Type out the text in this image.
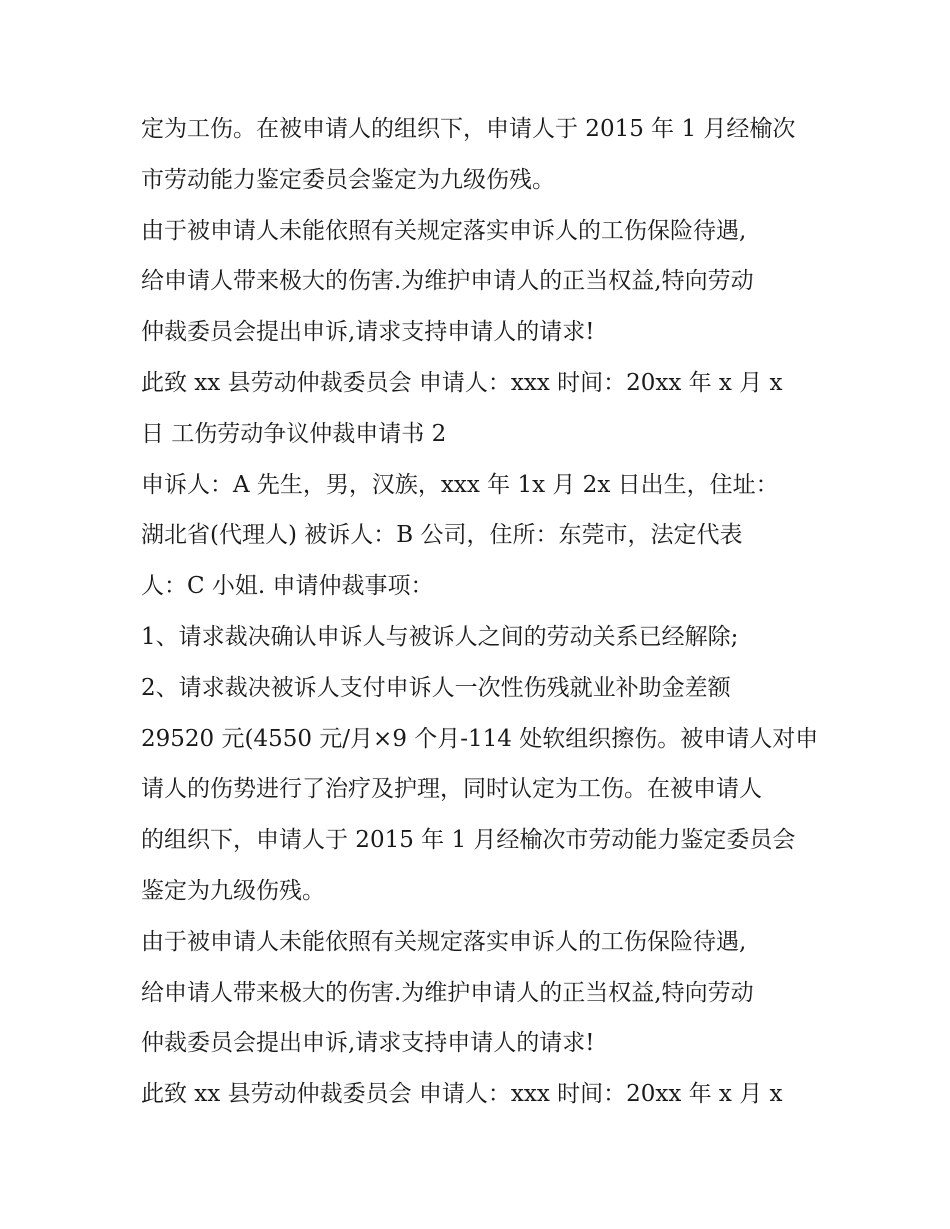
定为工伤。在被申请人的组织下，申请人于 2015 年 1 月经榆次

市劳动能力鉴定委员会鉴定为九级伤残。

由于被申请人未能依照有关规定落实申诉人的工伤保险待遇,

给申请人带来极大的伤害.为维护申请人的正当权益,特向劳动

仲裁委员会提出申诉,请求支持申请人的请求!

此致 xx 县劳动仲裁委员会 申请人：xxx 时间：20xx 年 x 月 x

日 工伤劳动争议仲裁申请书 2

申诉人：A 先生，男，汉族，xxx 年 1x 月 2x 日出生，住址：

湖北省(代理人) 被诉人：B 公司，住所：东莞市，法定代表

人：C 小姐. 申请仲裁事项：

1、请求裁决确认申诉人与被诉人之间的劳动关系已经解除;

2、请求裁决被诉人支付申诉人一次性伤残就业补助金差额

29520 元(4550 元/月×9 个月-114 处软组织擦伤。被申请人对申

请人的伤势进行了治疗及护理，同时认定为工伤。在被申请人

的组织下，申请人于 2015 年 1 月经榆次市劳动能力鉴定委员会

鉴定为九级伤残。

由于被申请人未能依照有关规定落实申诉人的工伤保险待遇,

给申请人带来极大的伤害.为维护申请人的正当权益,特向劳动

仲裁委员会提出申诉,请求支持申请人的请求!

此致 xx 县劳动仲裁委员会 申请人：xxx 时间：20xx 年 x 月 x
